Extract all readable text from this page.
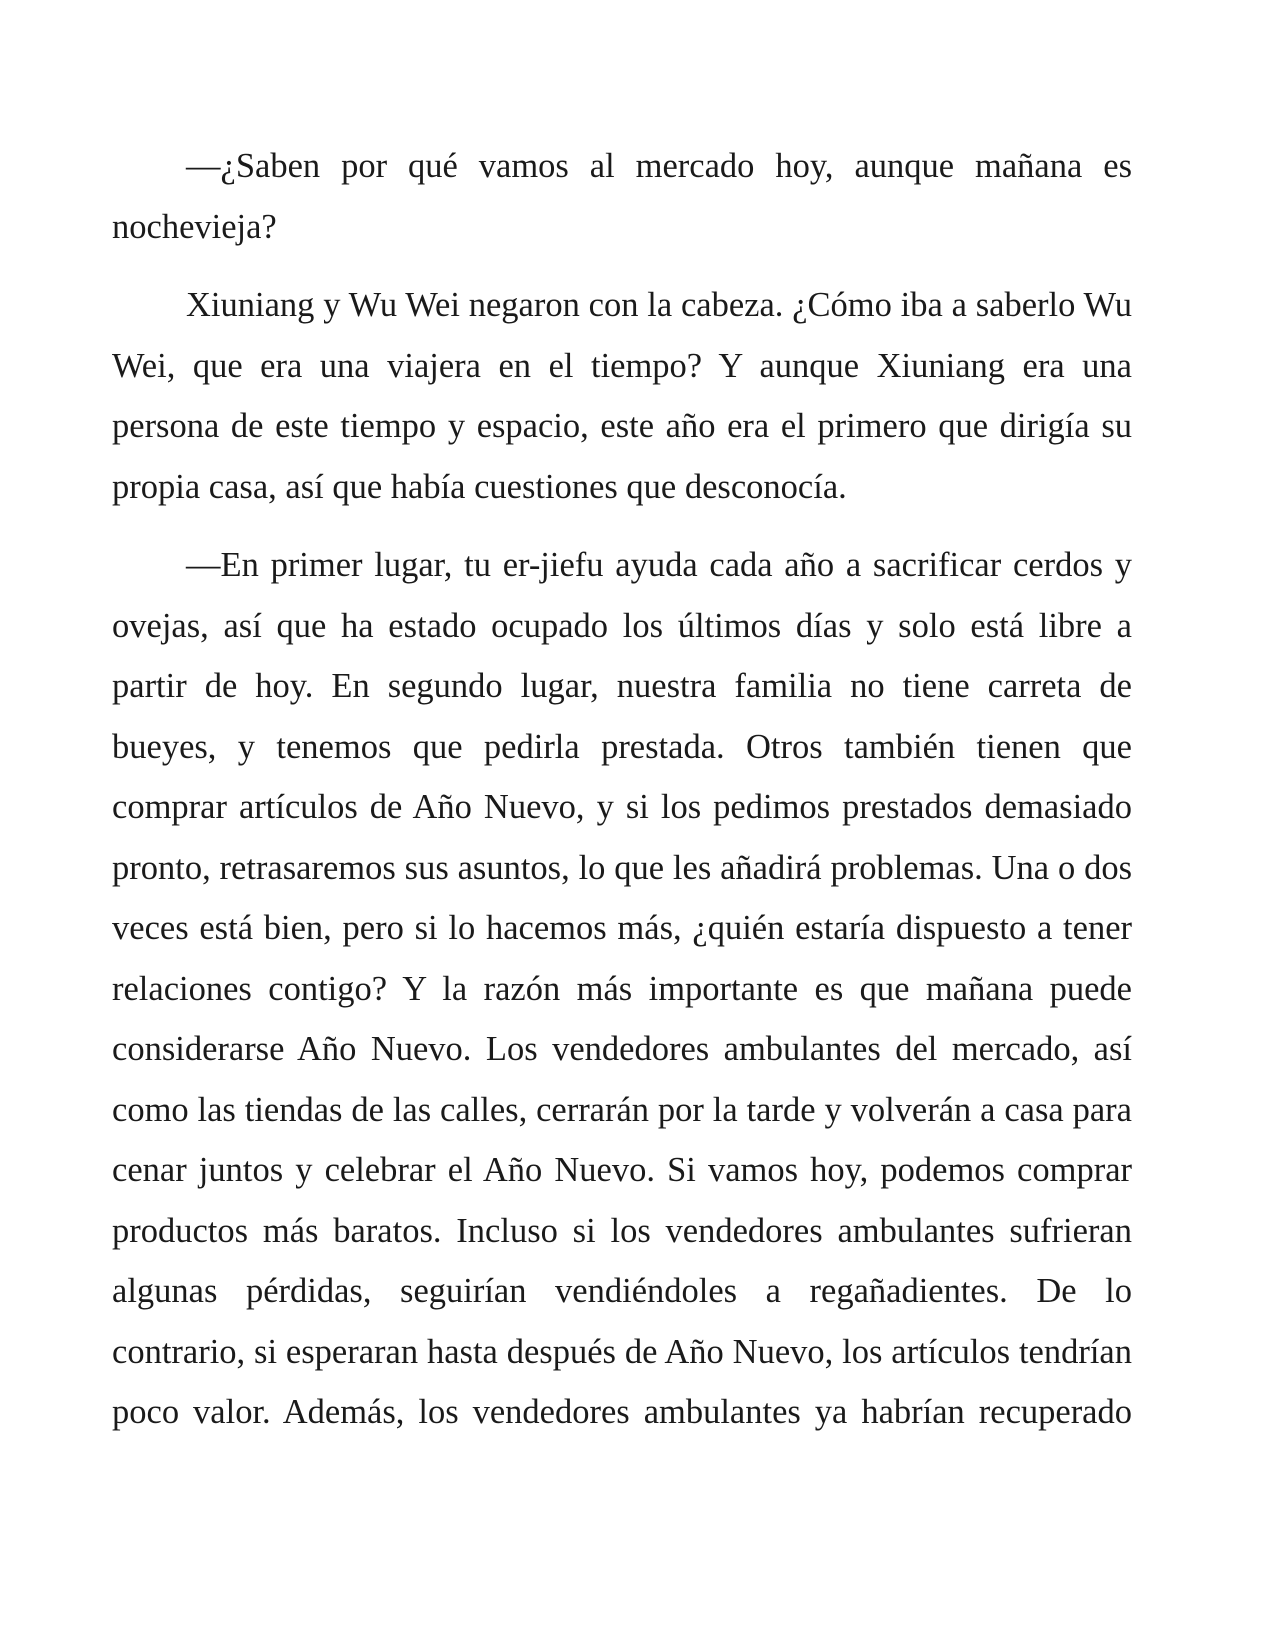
—¿Saben por qué vamos al mercado hoy, aunque mañana es nochevieja?

Xiuniang y Wu Wei negaron con la cabeza. ¿Cómo iba a saberlo Wu Wei, que era una viajera en el tiempo? Y aunque Xiuniang era una persona de este tiempo y espacio, este año era el primero que dirigía su propia casa, así que había cuestiones que desconocía.

—En primer lugar, tu er-jiefu ayuda cada año a sacrificar cerdos y ovejas, así que ha estado ocupado los últimos días y solo está libre a partir de hoy. En segundo lugar, nuestra familia no tiene carreta de bueyes, y tenemos que pedirla prestada. Otros también tienen que comprar artículos de Año Nuevo, y si los pedimos prestados demasiado pronto, retrasaremos sus asuntos, lo que les añadirá problemas. Una o dos veces está bien, pero si lo hacemos más, ¿quién estaría dispuesto a tener relaciones contigo? Y la razón más importante es que mañana puede considerarse Año Nuevo. Los vendedores ambulantes del mercado, así como las tiendas de las calles, cerrarán por la tarde y volverán a casa para cenar juntos y celebrar el Año Nuevo. Si vamos hoy, podemos comprar productos más baratos. Incluso si los vendedores ambulantes sufrieran algunas pérdidas, seguirían vendiéndoles a regañadientes. De lo contrario, si esperaran hasta después de Año Nuevo, los artículos tendrían poco valor. Además, los vendedores ambulantes ya habrían recuperado
